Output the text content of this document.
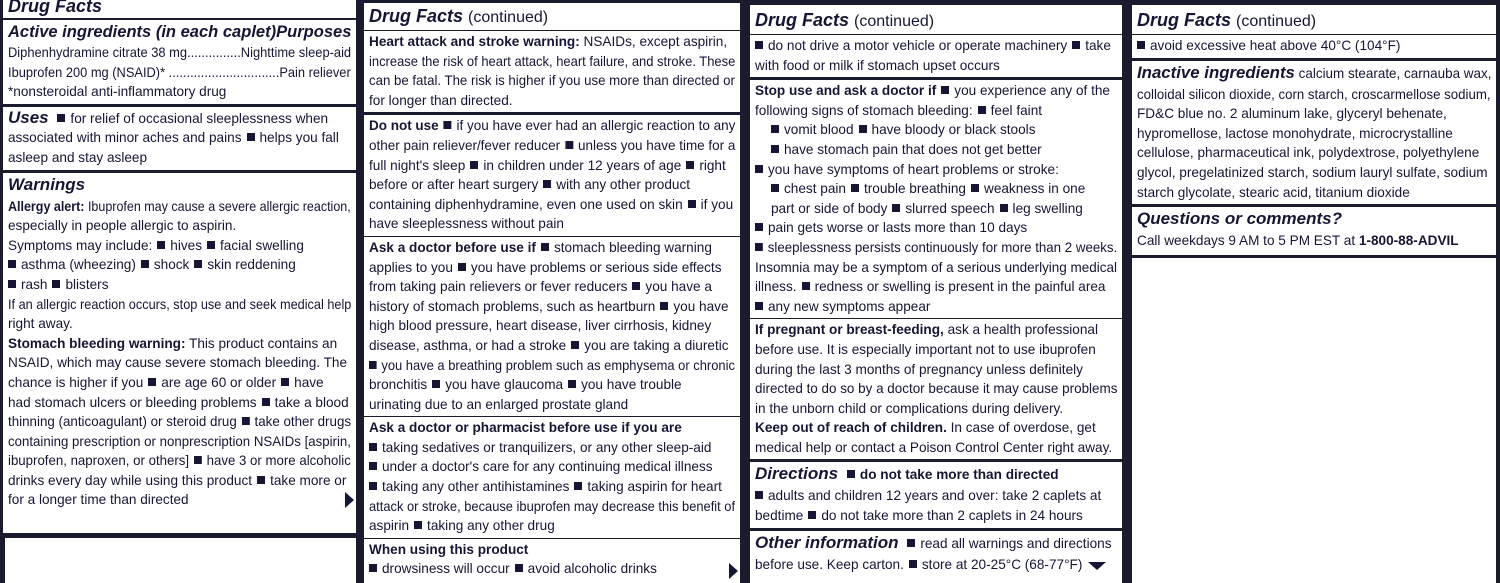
Drug Facts
Active ingredients (in each caplet) Purposes
Diphenhydramine citrate 38 mg............... Nighttime sleep-aid
Ibuprofen 200 mg (NSAID)* ............................... Pain reliever
*nonsteroidal anti-inflammatory drug
Uses for relief of occasional sleeplessness when
associated with minor aches and pains helps you fall
asleep and stay asleep
Warnings
Allergy alert: Ibuprofen may cause a severe allergic reaction,
especially in people allergic to aspirin.
Symptoms may include: hives facial swelling
asthma (wheezing) shock skin reddening
rash blisters
If an allergic reaction occurs, stop use and seek medical help
right away.
Stomach bleeding warning: This product contains an
NSAID, which may cause severe stomach bleeding. The
chance is higher if you are age 60 or older have
had stomach ulcers or bleeding problems take a blood
thinning (anticoagulant) or steroid drug take other drugs
containing prescription or nonprescription NSAIDs [aspirin,
ibuprofen, naproxen, or others] have 3 or more alcoholic
drinks every day while using this product take more or
for a longer time than directed
Drug Facts (continued)
Heart attack and stroke warning: NSAIDs, except aspirin,
increase the risk of heart attack, heart failure, and stroke. These
can be fatal. The risk is higher if you use more than directed or
for longer than directed.
Do not use if you have ever had an allergic reaction to any
other pain reliever/fever reducer unless you have time for a
full night's sleep in children under 12 years of age right
before or after heart surgery with any other product
containing diphenhydramine, even one used on skin if you
have sleeplessness without pain
Ask a doctor before use if stomach bleeding warning
applies to you you have problems or serious side effects
from taking pain relievers or fever reducers you have a
history of stomach problems, such as heartburn you have
high blood pressure, heart disease, liver cirrhosis, kidney
disease, asthma, or had a stroke you are taking a diuretic
you have a breathing problem such as emphysema or chronic
bronchitis you have glaucoma you have trouble
urinating due to an enlarged prostate gland
Ask a doctor or pharmacist before use if you are
taking sedatives or tranquilizers, or any other sleep-aid
under a doctor's care for any continuing medical illness
taking any other antihistamines taking aspirin for heart
attack or stroke, because ibuprofen may decrease this benefit of
aspirin taking any other drug
When using this product
drowsiness will occur avoid alcoholic drinks
Drug Facts (continued)
do not drive a motor vehicle or operate machinery take
with food or milk if stomach upset occurs
Stop use and ask a doctor if you experience any of the
following signs of stomach bleeding: feel faint
vomit blood have bloody or black stools
have stomach pain that does not get better
you have symptoms of heart problems or stroke:
chest pain trouble breathing weakness in one
part or side of body slurred speech leg swelling
pain gets worse or lasts more than 10 days
sleeplessness persists continuously for more than 2 weeks.
Insomnia may be a symptom of a serious underlying medical
illness. redness or swelling is present in the painful area
any new symptoms appear
If pregnant or breast-feeding, ask a health professional
before use. It is especially important not to use ibuprofen
during the last 3 months of pregnancy unless definitely
directed to do so by a doctor because it may cause problems
in the unborn child or complications during delivery.
Keep out of reach of children. In case of overdose, get
medical help or contact a Poison Control Center right away.
Directions do not take more than directed
adults and children 12 years and over: take 2 caplets at
bedtime do not take more than 2 caplets in 24 hours
Other information read all warnings and directions
before use. Keep carton. store at 20-25°C (68-77°F)
Drug Facts (continued)
avoid excessive heat above 40°C (104°F)
Inactive ingredients calcium stearate, carnauba wax,
colloidal silicon dioxide, corn starch, croscarmellose sodium,
FD&C blue no. 2 aluminum lake, glyceryl behenate,
hypromellose, lactose monohydrate, microcrystalline
cellulose, pharmaceutical ink, polydextrose, polyethylene
glycol, pregelatinized starch, sodium lauryl sulfate, sodium
starch glycolate, stearic acid, titanium dioxide
Questions or comments?
Call weekdays 9 AM to 5 PM EST at 1-800-88-ADVIL
